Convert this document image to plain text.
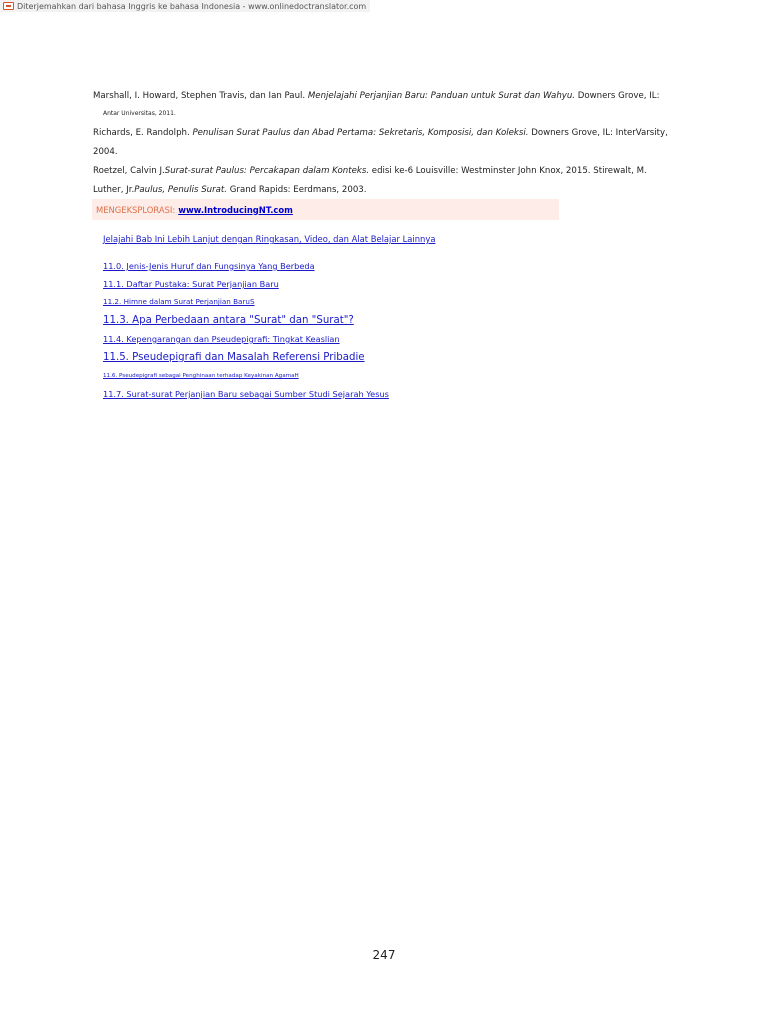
Diterjemahkan dari bahasa Inggris ke bahasa Indonesia - www.onlinedoctranslator.com

Marshall, I. Howard, Stephen Travis, dan Ian Paul. Menjelajahi Perjanjian Baru: Panduan untuk Surat dan Wahyu. Downers Grove, IL:

Antar Universitas, 2011.

Richards, E. Randolph. Penulisan Surat Paulus dan Abad Pertama: Sekretaris, Komposisi, dan Koleksi. Downers Grove, IL: InterVarsity, 2004.

Roetzel, Calvin J.Surat-surat Paulus: Percakapan dalam Konteks. edisi ke-6 Louisville: Westminster John Knox, 2015. Stirewalt, M. Luther, Jr.Paulus, Penulis Surat. Grand Rapids: Eerdmans, 2003.

MENGEKSPLORASI: www.IntroducingNT.com
Jelajahi Bab Ini Lebih Lanjut dengan Ringkasan, Video, dan Alat Belajar Lainnya
11.0. Jenis-Jenis Huruf dan Fungsinya Yang Berbeda
11.1. Daftar Pustaka: Surat Perjanjian Baru
11.2. Himne dalam Surat Perjanjian BaruS
11.3. Apa Perbedaan antara "Surat" dan "Surat"?
11.4. Kepengarangan dan Pseudepigrafi: Tingkat Keaslian
11.5. Pseudepigrafi dan Masalah Referensi Pribadie
11.6. Pseudepigrafi sebagai Penghinaan terhadap Keyakinan AgamaH
11.7. Surat-surat Perjanjian Baru sebagai Sumber Studi Sejarah Yesus
247
